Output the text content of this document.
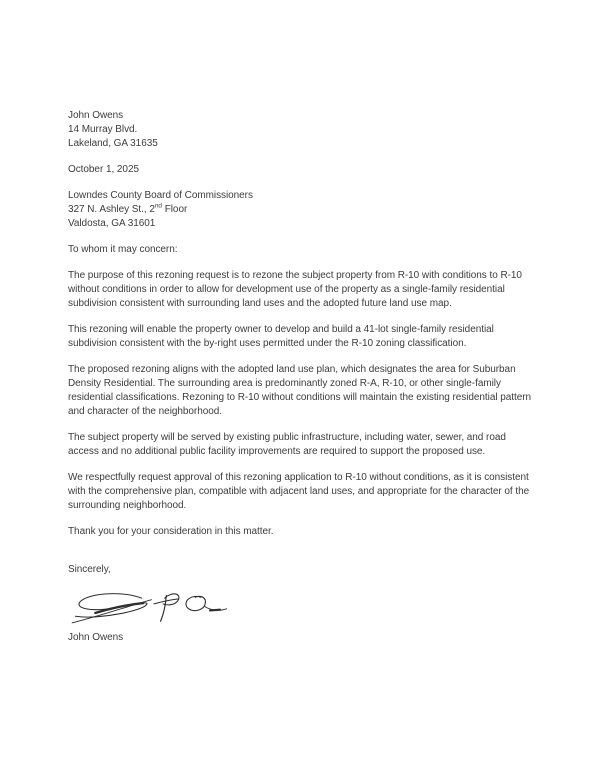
John Owens
14 Murray Blvd.
Lakeland, GA 31635
October 1, 2025
Lowndes County Board of Commissioners
327 N. Ashley St., 2nd Floor
Valdosta, GA 31601

To whom it may concern:

The purpose of this rezoning request is to rezone the subject property from R-10 with conditions to R-10 without conditions in order to allow for development use of the property as a single-family residential subdivision consistent with surrounding land uses and the adopted future land use map.

This rezoning will enable the property owner to develop and build a 41-lot single-family residential subdivision consistent with the by-right uses permitted under the R-10 zoning classification.

The proposed rezoning aligns with the adopted land use plan, which designates the area for Suburban Density Residential. The surrounding area is predominantly zoned R-A, R-10, or other single-family residential classifications. Rezoning to R-10 without conditions will maintain the existing residential pattern and character of the neighborhood.

The subject property will be served by existing public infrastructure, including water, sewer, and road access and no additional public facility improvements are required to support the proposed use.

We respectfully request approval of this rezoning application to R-10 without conditions, as it is consistent with the comprehensive plan, compatible with adjacent land uses, and appropriate for the character of the surrounding neighborhood.

Thank you for your consideration in this matter.

Sincerely,

John Owens
